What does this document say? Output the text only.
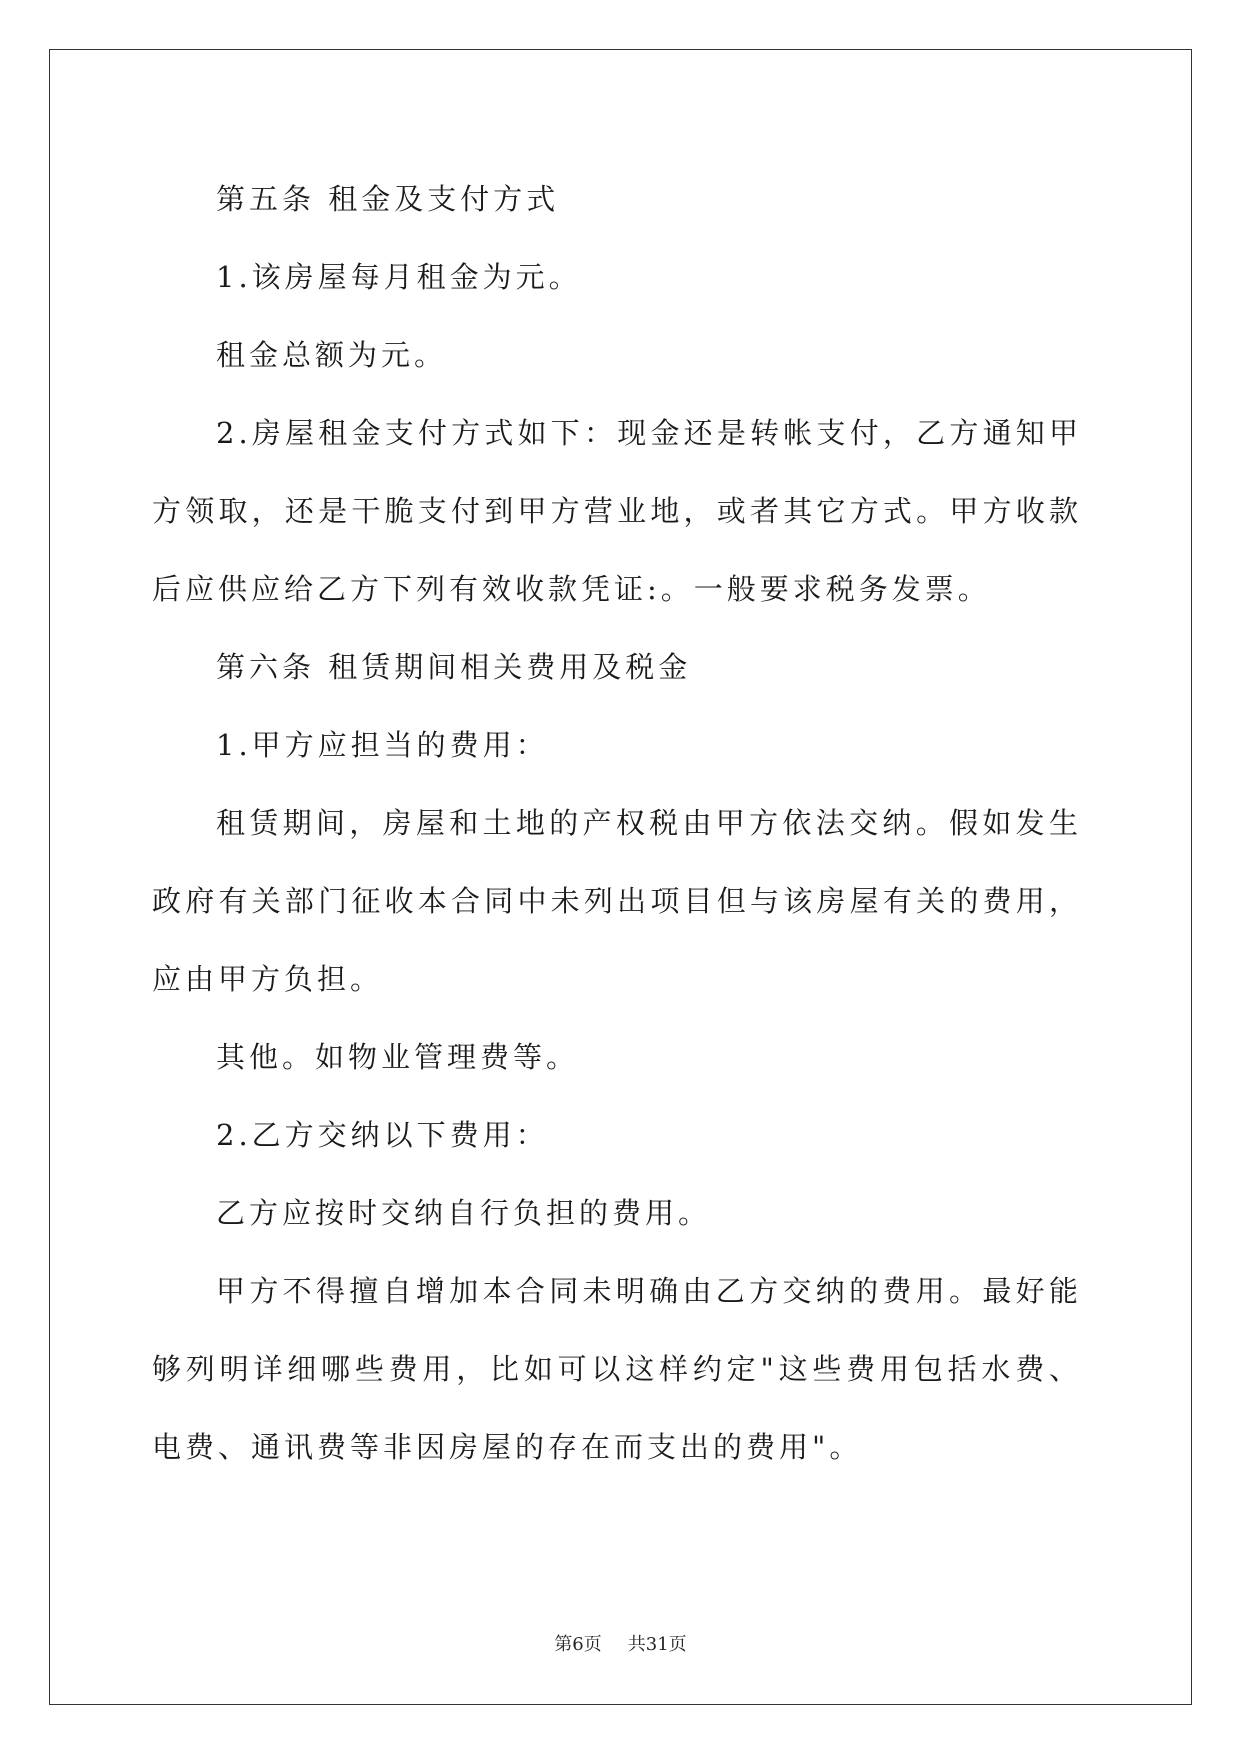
第五条 租金及支付方式

1.该房屋每月租金为元。

租金总额为元。

2.房屋租金支付方式如下：现金还是转帐支付，乙方通知甲方领取，还是干脆支付到甲方营业地，或者其它方式。甲方收款后应供应给乙方下列有效收款凭证:。一般要求税务发票。

第六条 租赁期间相关费用及税金

1.甲方应担当的费用：

租赁期间，房屋和土地的产权税由甲方依法交纳。假如发生政府有关部门征收本合同中未列出项目但与该房屋有关的费用，应由甲方负担。

其他。如物业管理费等。

2.乙方交纳以下费用：

乙方应按时交纳自行负担的费用。

甲方不得擅自增加本合同未明确由乙方交纳的费用。最好能够列明详细哪些费用，比如可以这样约定"这些费用包括水费、电费、通讯费等非因房屋的存在而支出的费用"。

第6页 共31页
